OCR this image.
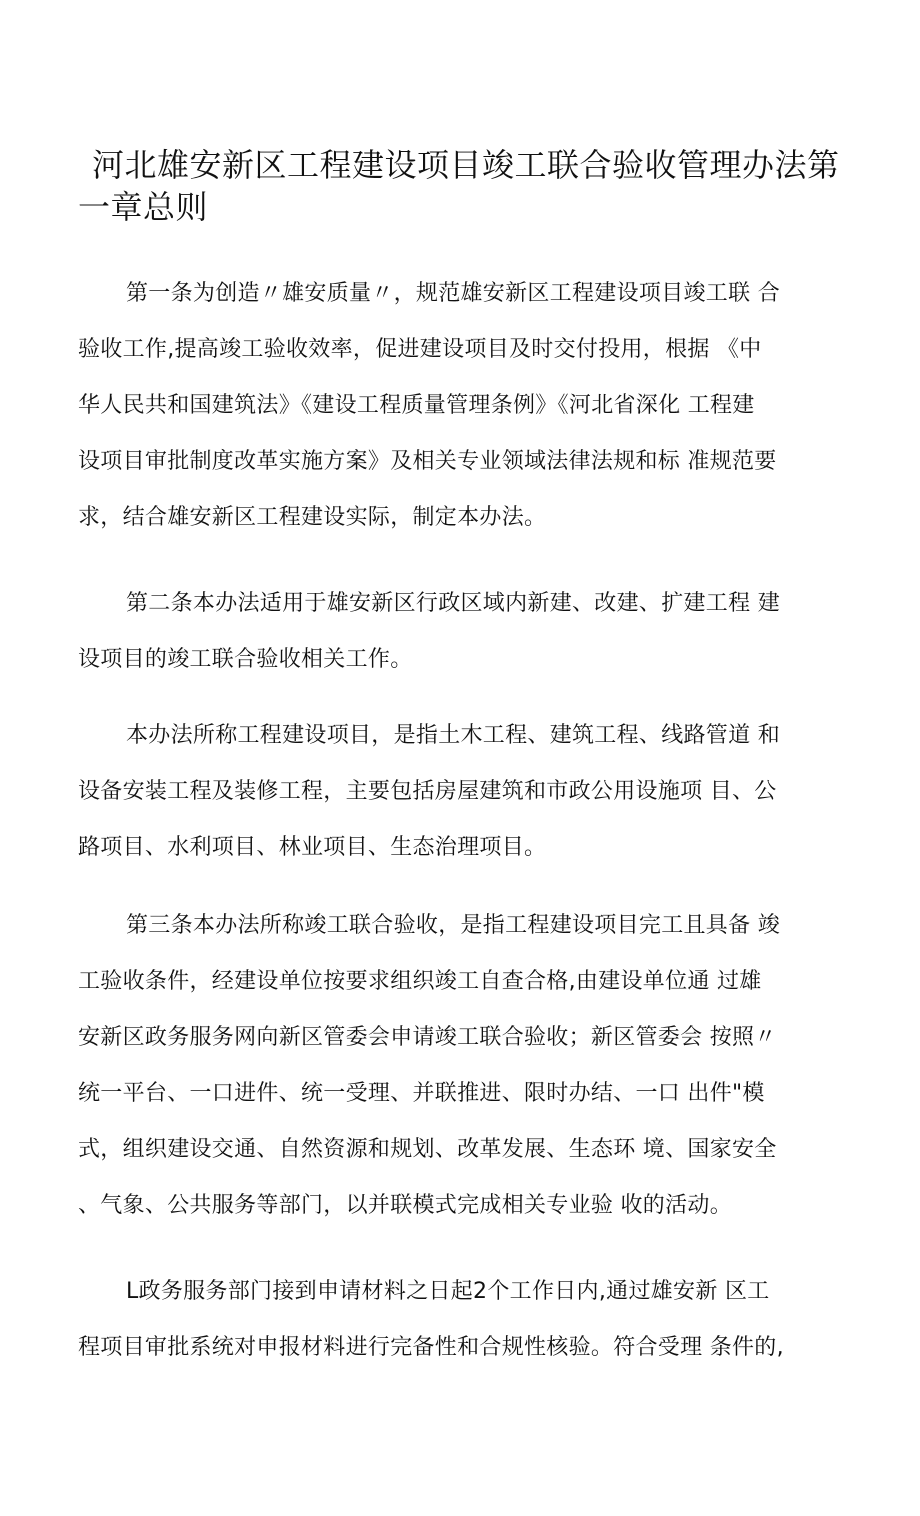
河北雄安新区工程建设项目竣工联合验收管理办法第
一章总则
第一条为创造〃雄安质量〃，规范雄安新区工程建设项目竣工联 合
验收工作,提高竣工验收效率，促进建设项目及时交付投用，根据 《中
华人民共和国建筑法》《建设工程质量管理条例》《河北省深化 工程建
设项目审批制度改革实施方案》及相关专业领域法律法规和标 准规范要
求，结合雄安新区工程建设实际，制定本办法。
第二条本办法适用于雄安新区行政区域内新建、改建、扩建工程 建
设项目的竣工联合验收相关工作。
本办法所称工程建设项目，是指土木工程、建筑工程、线路管道 和
设备安装工程及装修工程，主要包括房屋建筑和市政公用设施项 目、公
路项目、水利项目、林业项目、生态治理项目。
第三条本办法所称竣工联合验收，是指工程建设项目完工且具备 竣
工验收条件，经建设单位按要求组织竣工自查合格,由建设单位通 过雄
安新区政务服务网向新区管委会申请竣工联合验收；新区管委会 按照〃
统一平台、一口进件、统一受理、并联推进、限时办结、一口 出件"模
式，组织建设交通、自然资源和规划、改革发展、生态环 境、国家安全
、气象、公共服务等部门，以并联模式完成相关专业验 收的活动。
L政务服务部门接到申请材料之日起2个工作日内,通过雄安新 区工
程项目审批系统对申报材料进行完备性和合规性核验。符合受理 条件的,
